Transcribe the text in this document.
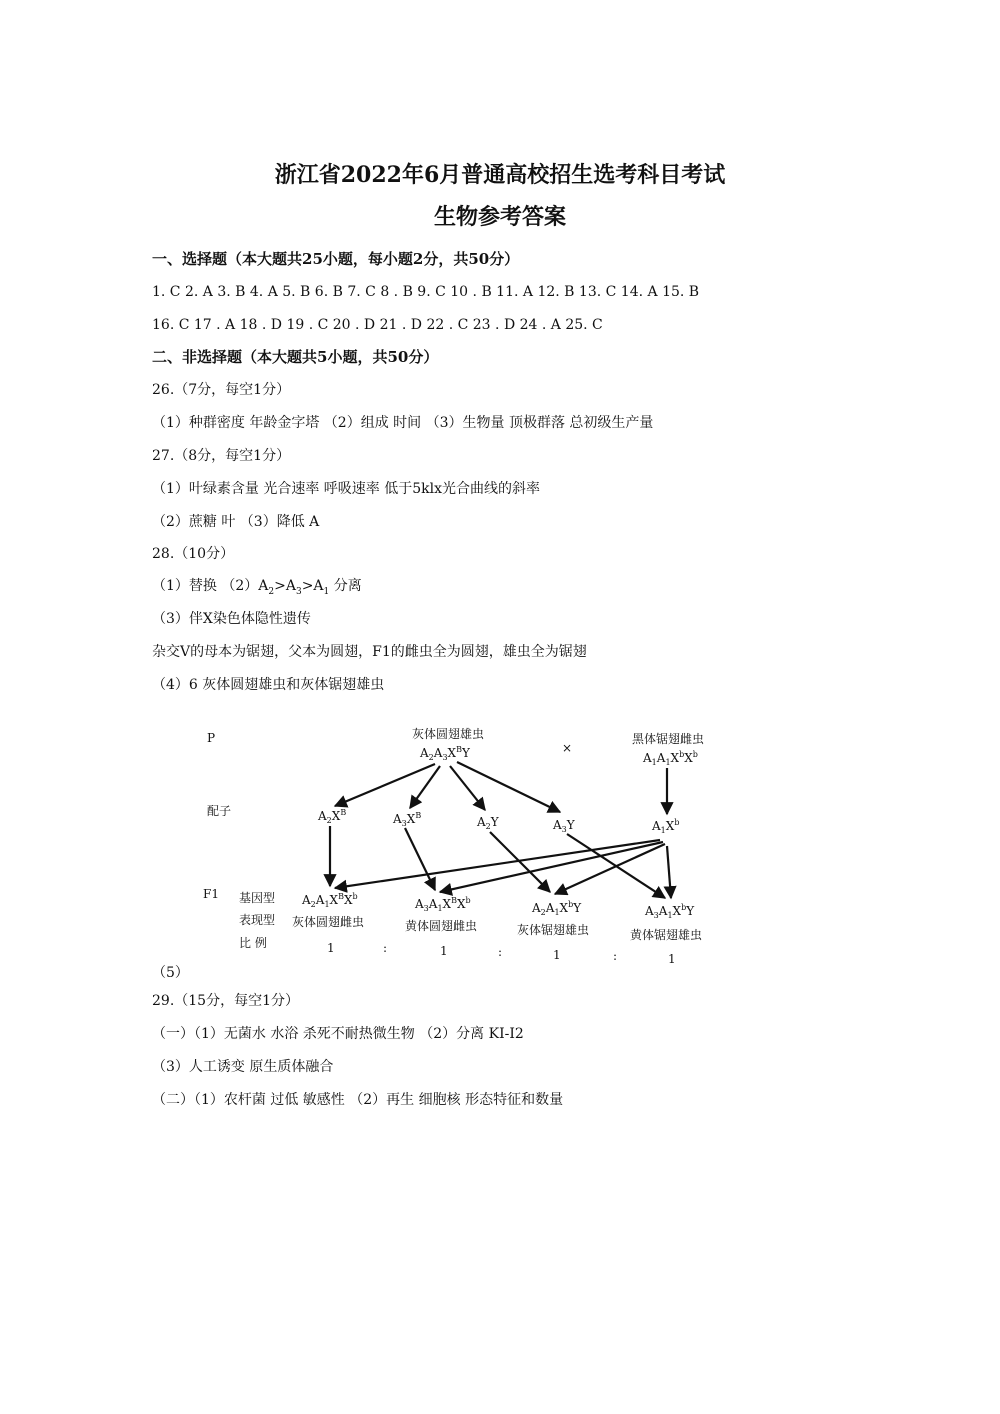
浙江省2022年6月普通高校招生选考科目考试
生物参考答案
一、选择题（本大题共25小题，每小题2分，共50分）
1. C 2. A 3. B 4. A 5. B 6. B 7. C 8 . B 9. C 10 . B 11. A 12. B 13. C 14. A 15. B
16. C 17 . A 18 . D 19 . C 20 . D 21 . D 22 . C 23 . D 24 . A 25. C
二、非选择题（本大题共5小题，共50分）
26.（7分，每空1分）
（1）种群密度 年龄金字塔 （2）组成 时间 （3）生物量 顶极群落 总初级生产量
27.（8分，每空1分）
（1）叶绿素含量 光合速率 呼吸速率 低于5klx光合曲线的斜率
（2）蔗糖 叶 （3）降低 A
28.（10分）
（1）替换 $(2)A_2>A_3>A_1$ 分离
（3）伴X染色体隐性遗传
杂交V的母本为锯翅，父本为圆翅，F1的雌虫全为圆翅，雄虫全为锯翅
（4）6 灰体圆翅雄虫和灰体锯翅雄虫
P
配子
F1 基因型
表现型
比 例
灰体圆翅雄虫
$A_2A_3X^BY$	×
黑体锯翅雌虫
$A_1A_1X^bX^b$
$A_2X^B$	$A_3X^B$	$A_2Y$	$A_3Y$	$A_1X^b$
$A_2A_1X^BX^b$
$A_3A_1X^BX^b$
$A_2A_1X^bY$	$A_3A_1X^bY$
灰体圆翅雌虫	黄体圆翅雌虫	灰体锯翅雄虫	黄体锯翅雄虫
1	:	1	:	1	:	1
（5）
29.（15分，每空1分）
（一）（1）无菌水 水浴 杀死不耐热微生物 （2）分离 KI-I2
（3）人工诱变 原生质体融合
（二）（1）农杆菌 过低 敏感性 （2）再生 细胞核 形态特征和数量
